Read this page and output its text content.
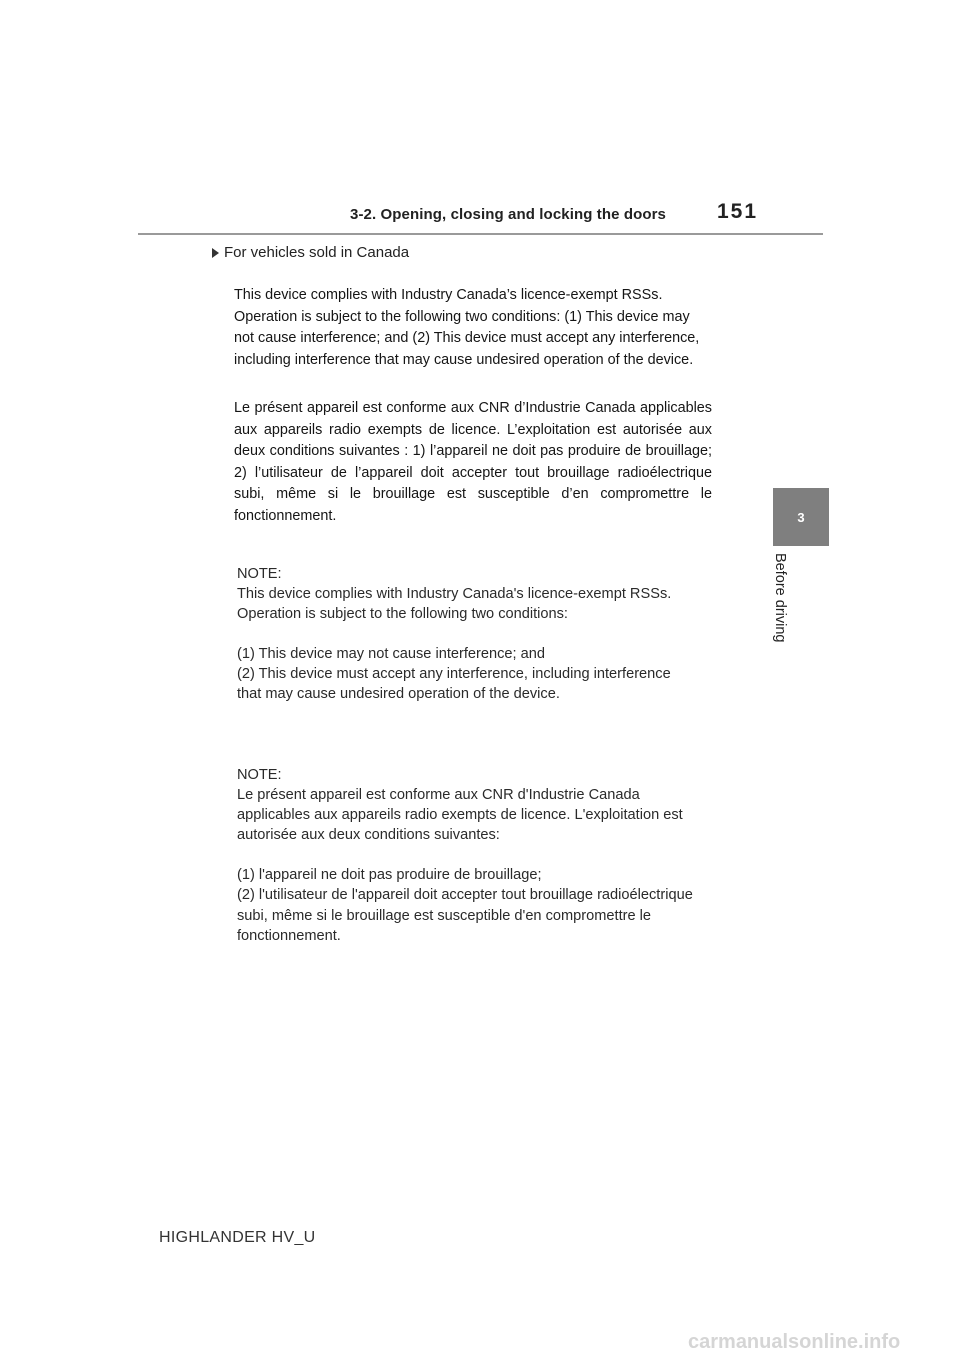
3-2. Opening, closing and locking the doors 151
For vehicles sold in Canada
This device complies with Industry Canada’s licence-exempt RSSs. Operation is subject to the following two conditions: (1) This device may not cause interference; and (2) This device must accept any interference, including interference that may cause undesired operation of the device.
Le présent appareil est conforme aux CNR d’Industrie Canada applicables aux appareils radio exempts de licence. L’exploitation est autorisée aux deux conditions suivantes : 1) l’appareil ne doit pas produire de brouillage; 2) l’utilisateur de l’appareil doit accepter tout brouillage radioélectrique subi, même si le brouillage est susceptible d’en compromettre le fonctionnement.
NOTE:
This device complies with Industry Canada's licence-exempt RSSs.
Operation is subject to the following two conditions:
(1) This device may not cause interference; and
(2) This device must accept any interference, including interference
that may cause undesired operation of the device.
NOTE:
Le présent appareil est conforme aux CNR d'Industrie Canada
applicables aux appareils radio exempts de licence. L'exploitation est
autorisée aux deux conditions suivantes:
(1) l'appareil ne doit pas produire de brouillage;
(2) l'utilisateur de l'appareil doit accepter tout brouillage radioélectrique
subi, même si le brouillage est susceptible d'en compromettre le
fonctionnement.
3
Before driving
HIGHLANDER HV_U
carmanualsonline.info
